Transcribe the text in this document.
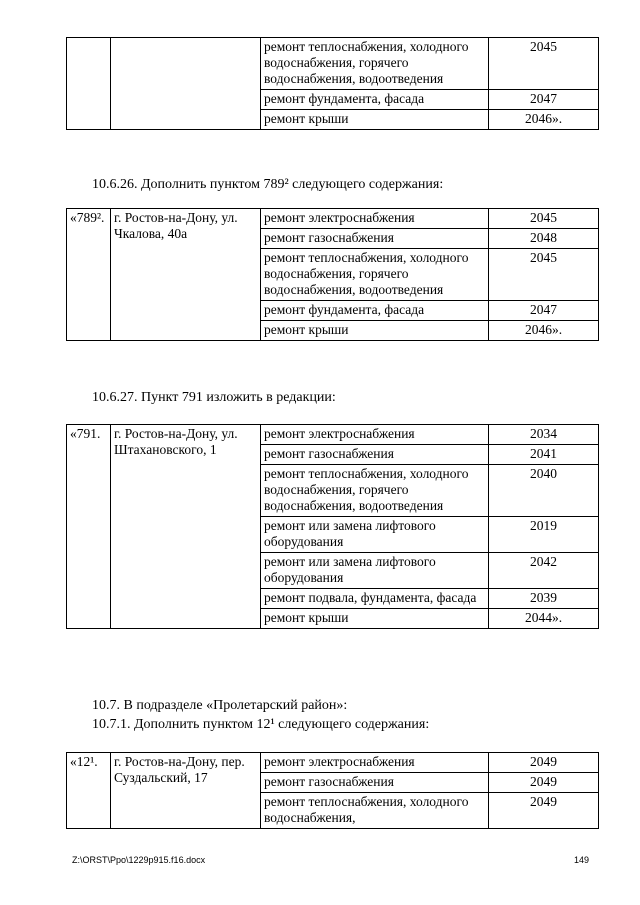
		ремонт теплоснабжения, холодного водоснабжения, горячего водоснабжения, водоотведения	2045
		ремонт фундамента, фасада	2047
		ремонт крыши	2046».
10.6.26. Дополнить пунктом 789² следующего содержания:
«789².	г. Ростов-на-Дону, ул. Чкалова, 40а	ремонт электроснабжения	2045
		ремонт газоснабжения	2048
		ремонт теплоснабжения, холодного водоснабжения, горячего водоснабжения, водоотведения	2045
		ремонт фундамента, фасада	2047
		ремонт крыши	2046».
10.6.27. Пункт 791 изложить в редакции:
«791.	г. Ростов-на-Дону, ул. Штахановского, 1	ремонт электроснабжения	2034
		ремонт газоснабжения	2041
		ремонт теплоснабжения, холодного водоснабжения, горячего водоснабжения, водоотведения	2040
		ремонт или замена лифтового оборудования	2019
		ремонт или замена лифтового оборудования	2042
		ремонт подвала, фундамента, фасада	2039
		ремонт крыши	2044».
10.7. В подразделе «Пролетарский район»:
10.7.1. Дополнить пунктом 12¹ следующего содержания:
«12¹.	г. Ростов-на-Дону, пер. Суздальский, 17	ремонт электроснабжения	2049
		ремонт газоснабжения	2049
		ремонт теплоснабжения, холодного водоснабжения,	2049
Z:\ORST\Ppo\1229p915.f16.docx	149
